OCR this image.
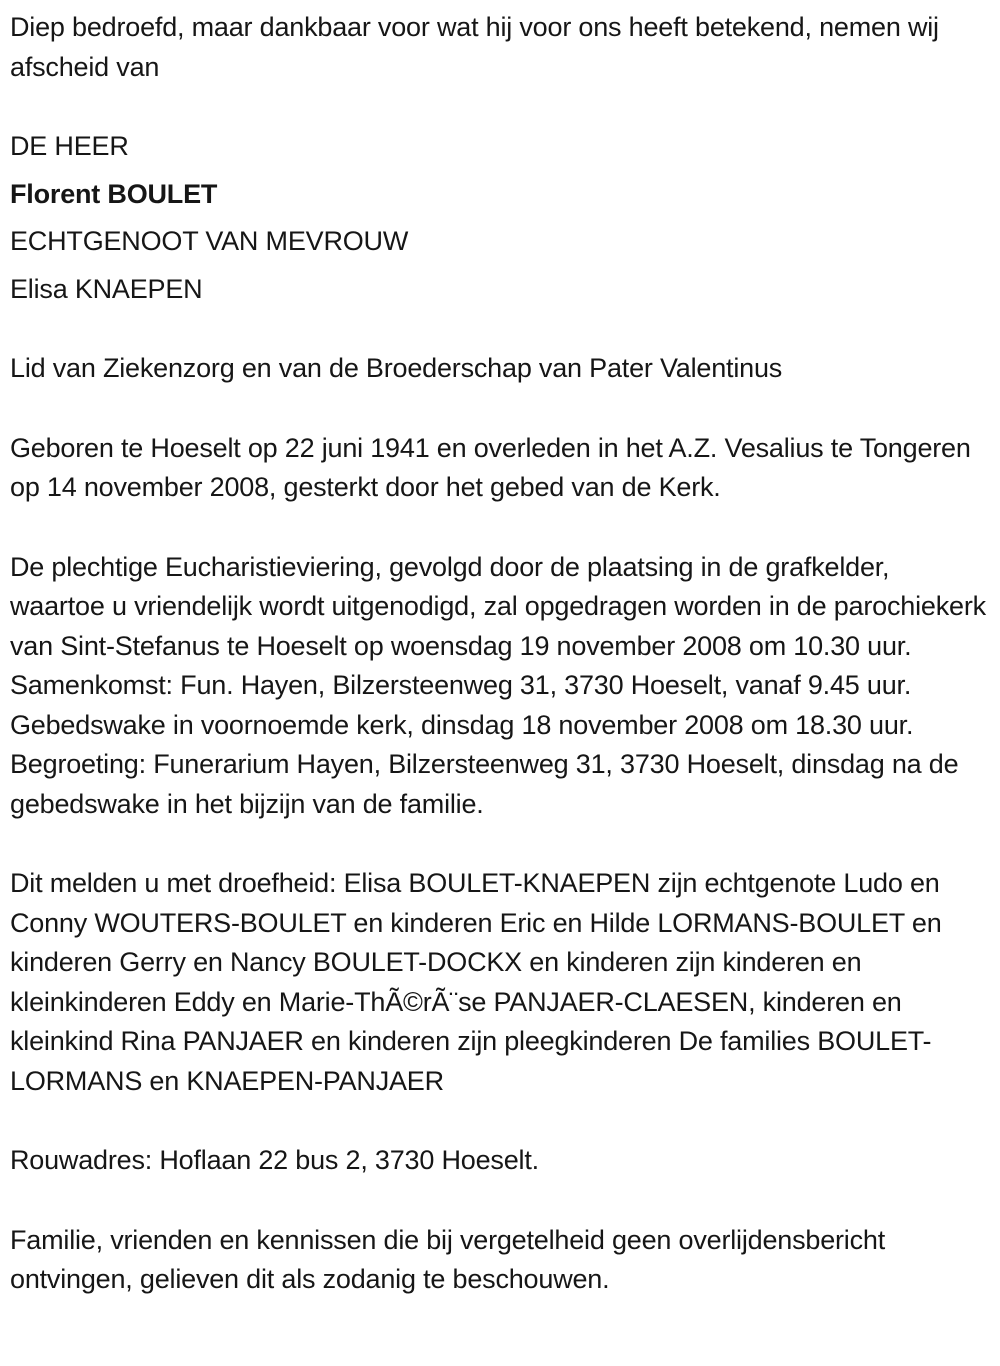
Diep bedroefd, maar dankbaar voor wat hij voor ons heeft betekend, nemen wij afscheid van

DE HEER

Florent BOULET

ECHTGENOOT VAN MEVROUW

Elisa KNAEPEN

Lid van Ziekenzorg en van de Broederschap van Pater Valentinus

Geboren te Hoeselt op 22 juni 1941 en overleden in het A.Z. Vesalius te Tongeren op 14 november 2008, gesterkt door het gebed van de Kerk.

De plechtige Eucharistieviering, gevolgd door de plaatsing in de grafkelder, waartoe u vriendelijk wordt uitgenodigd, zal opgedragen worden in de parochiekerk van Sint-Stefanus te Hoeselt op woensdag 19 november 2008 om 10.30 uur. Samenkomst: Fun. Hayen, Bilzersteenweg 31, 3730 Hoeselt, vanaf 9.45 uur. Gebedswake in voornoemde kerk, dinsdag 18 november 2008 om 18.30 uur. Begroeting: Funerarium Hayen, Bilzersteenweg 31, 3730 Hoeselt, dinsdag na de gebedswake in het bijzijn van de familie.

Dit melden u met droefheid: Elisa BOULET-KNAEPEN zijn echtgenote Ludo en Conny WOUTERS-BOULET en kinderen Eric en Hilde LORMANS-BOULET en kinderen Gerry en Nancy BOULET-DOCKX en kinderen zijn kinderen en kleinkinderen Eddy en Marie-ThÃ©rÃ¨se PANJAER-CLAESEN, kinderen en kleinkind Rina PANJAER en kinderen zijn pleegkinderen De families BOULET-LORMANS en KNAEPEN-PANJAER

Rouwadres: Hoflaan 22 bus 2, 3730 Hoeselt.

Familie, vrienden en kennissen die bij vergetelheid geen overlijdensbericht ontvingen, gelieven dit als zodanig te beschouwen.
